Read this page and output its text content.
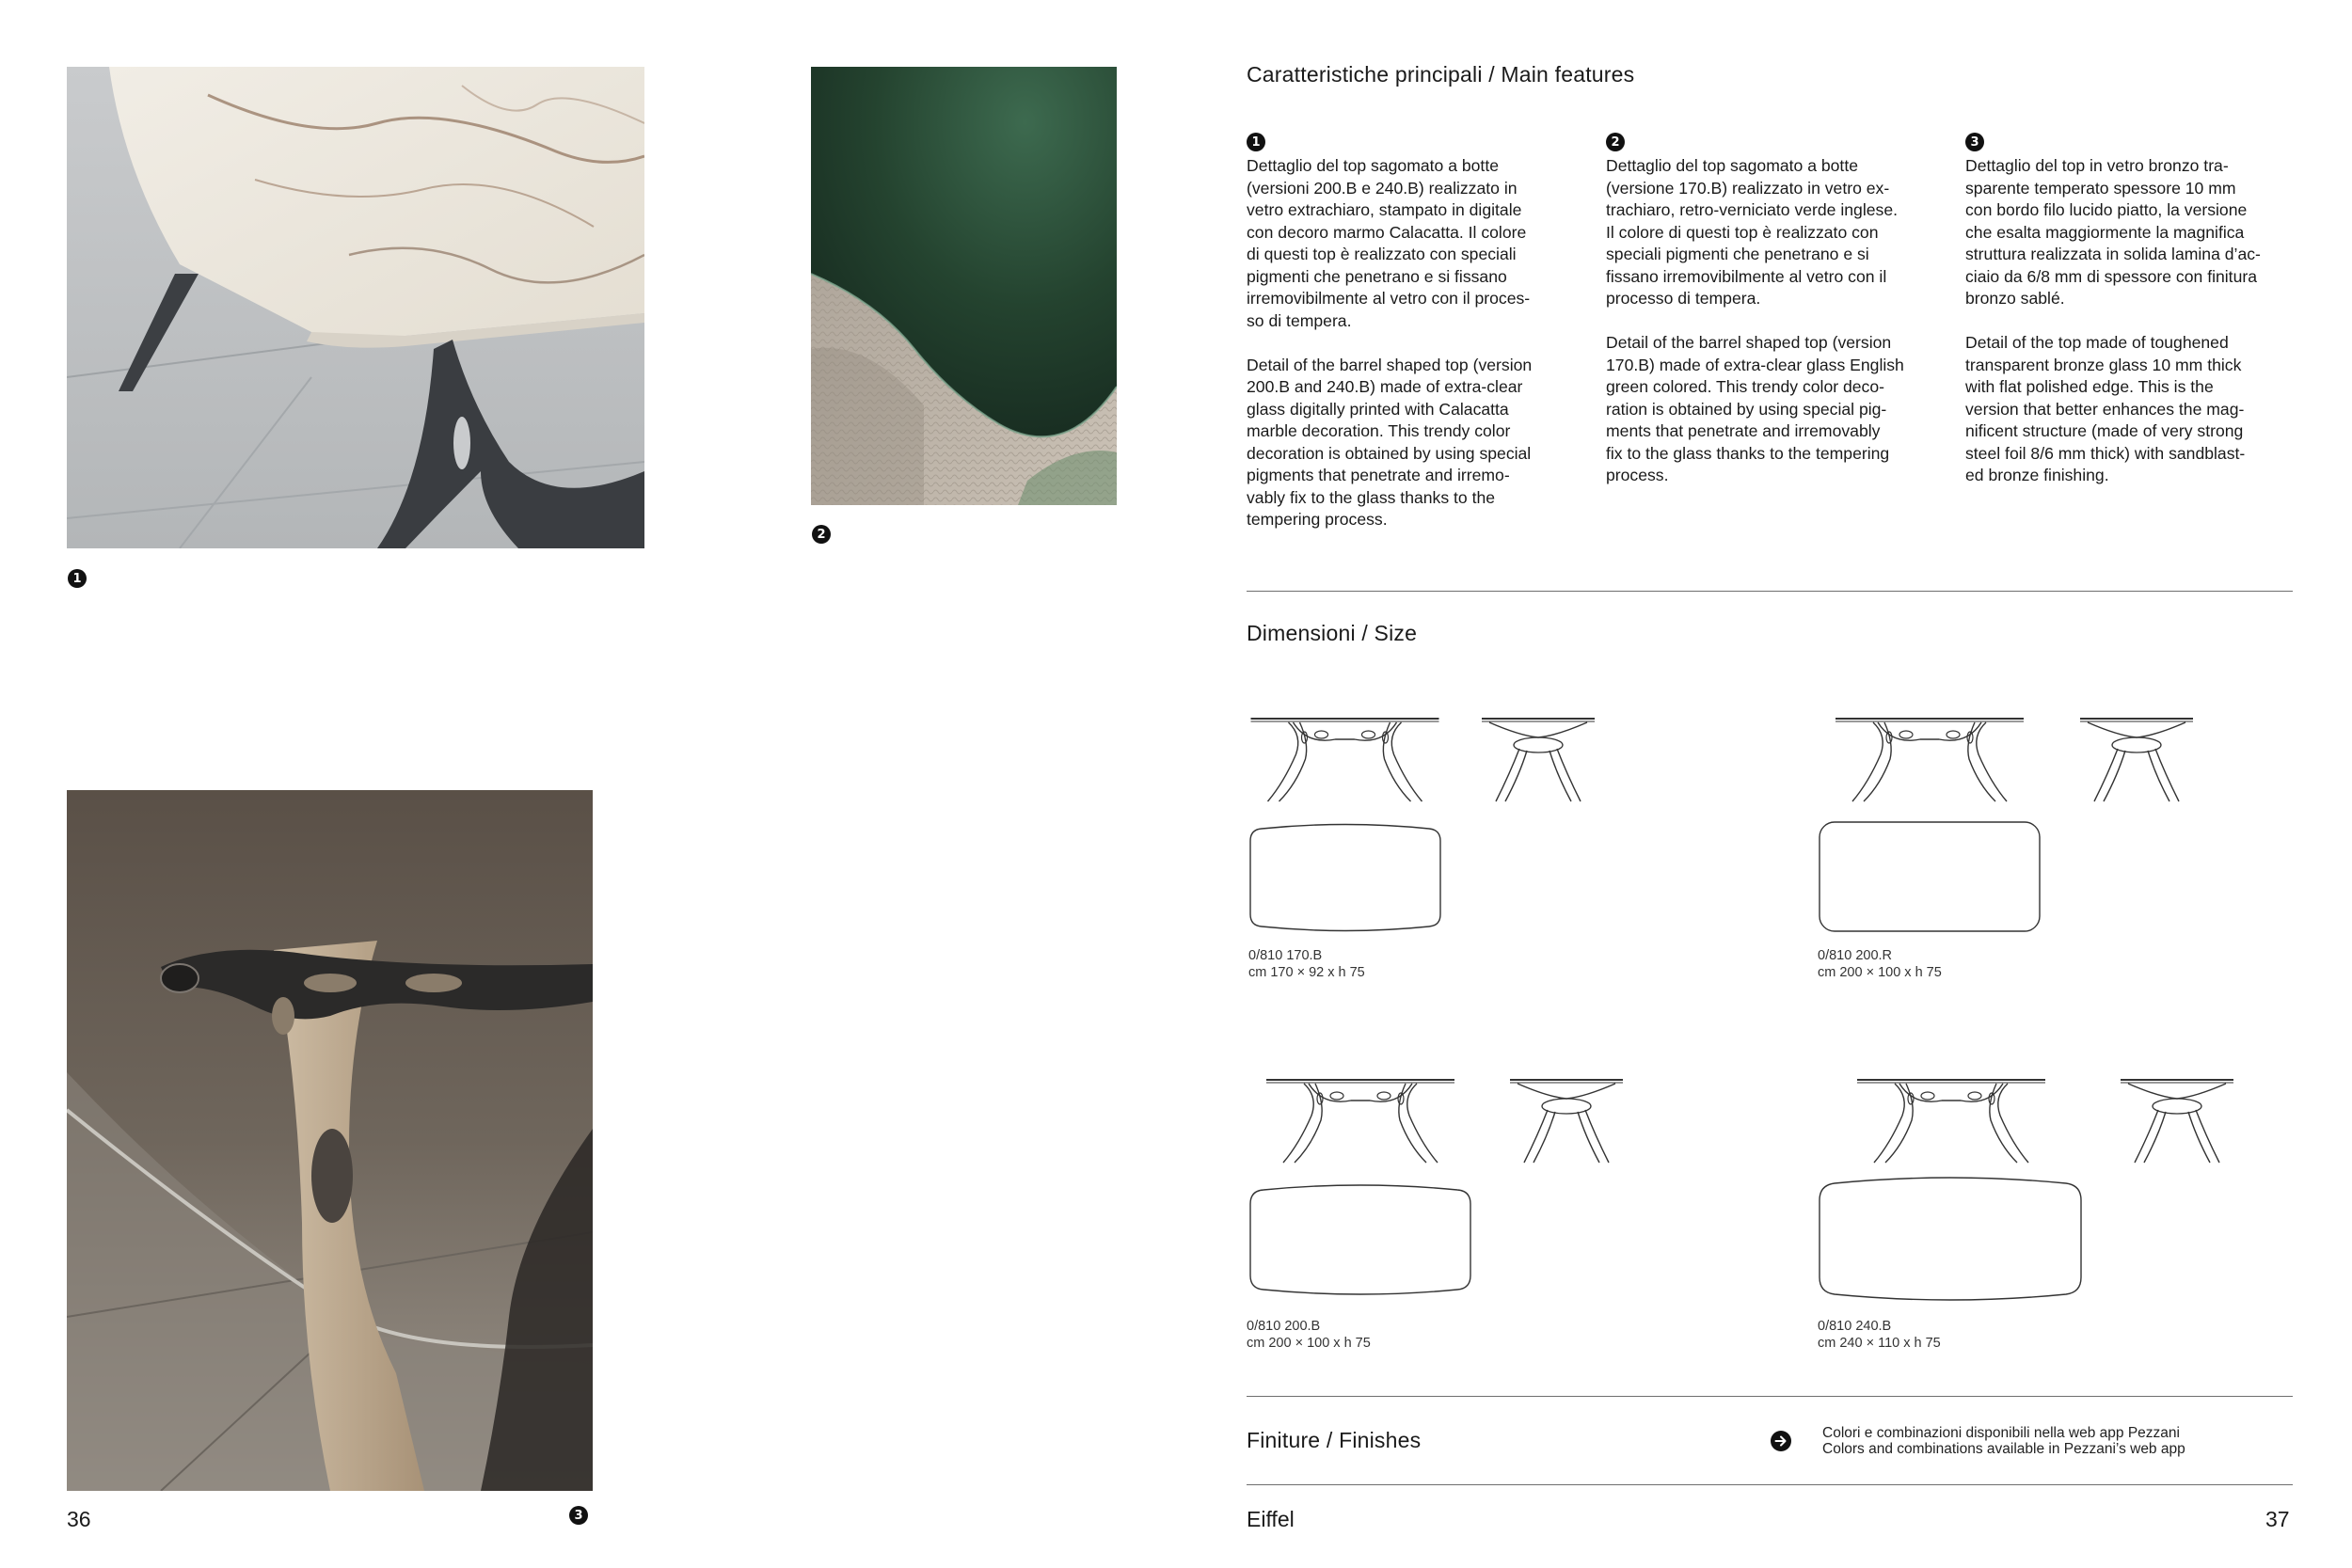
1
2
3
36
Caratteristiche principali / Main features
1
Dettaglio del top sagomato a botte
(versioni 200.B e 240.B) realizzato in
vetro extrachiaro, stampato in digitale
con decoro marmo Calacatta. Il colore
di questi top è realizzato con speciali
pigmenti che penetrano e si fissano
irremovibilmente al vetro con il proces-
so di tempera.
Detail of the barrel shaped top (version
200.B and 240.B) made of extra-clear
glass digitally printed with Calacatta
marble decoration. This trendy color
decoration is obtained by using special
pigments that penetrate and irremo-
vably fix to the glass thanks to the
tempering process.
2
Dettaglio del top sagomato a botte
(versione 170.B) realizzato in vetro ex-
trachiaro, retro-verniciato verde inglese.
Il colore di questi top è realizzato con
speciali pigmenti che penetrano e si
fissano irremovibilmente al vetro con il
processo di tempera.
Detail of the barrel shaped top (version
170.B) made of extra-clear glass English
green colored. This trendy color deco-
ration is obtained by using special pig-
ments that penetrate and irremovably
fix to the glass thanks to the tempering
process.
3
Dettaglio del top in vetro bronzo tra-
sparente temperato spessore 10 mm
con bordo filo lucido piatto, la versione
che esalta maggiormente la magnifica
struttura realizzata in solida lamina d’ac-
ciaio da 6/8 mm di spessore con finitura
bronzo sablé.
Detail of the top made of toughened
transparent bronze glass 10 mm thick
with flat polished edge. This is the
version that better enhances the mag-
nificent structure (made of very strong
steel foil 8/6 mm thick) with sandblast-
ed bronze finishing.
Dimensioni / Size
0/810 170.B
cm 170 × 92 x h 75
0/810 200.R
cm 200 × 100 x h 75
0/810 200.B
cm 200 × 100 x h 75
0/810 240.B
cm 240 × 110 x h 75
Finiture / Finishes	Colori e combinazioni disponibili nella web app Pezzani
Colors and combinations available in Pezzani’s web app
Eiffel	37
